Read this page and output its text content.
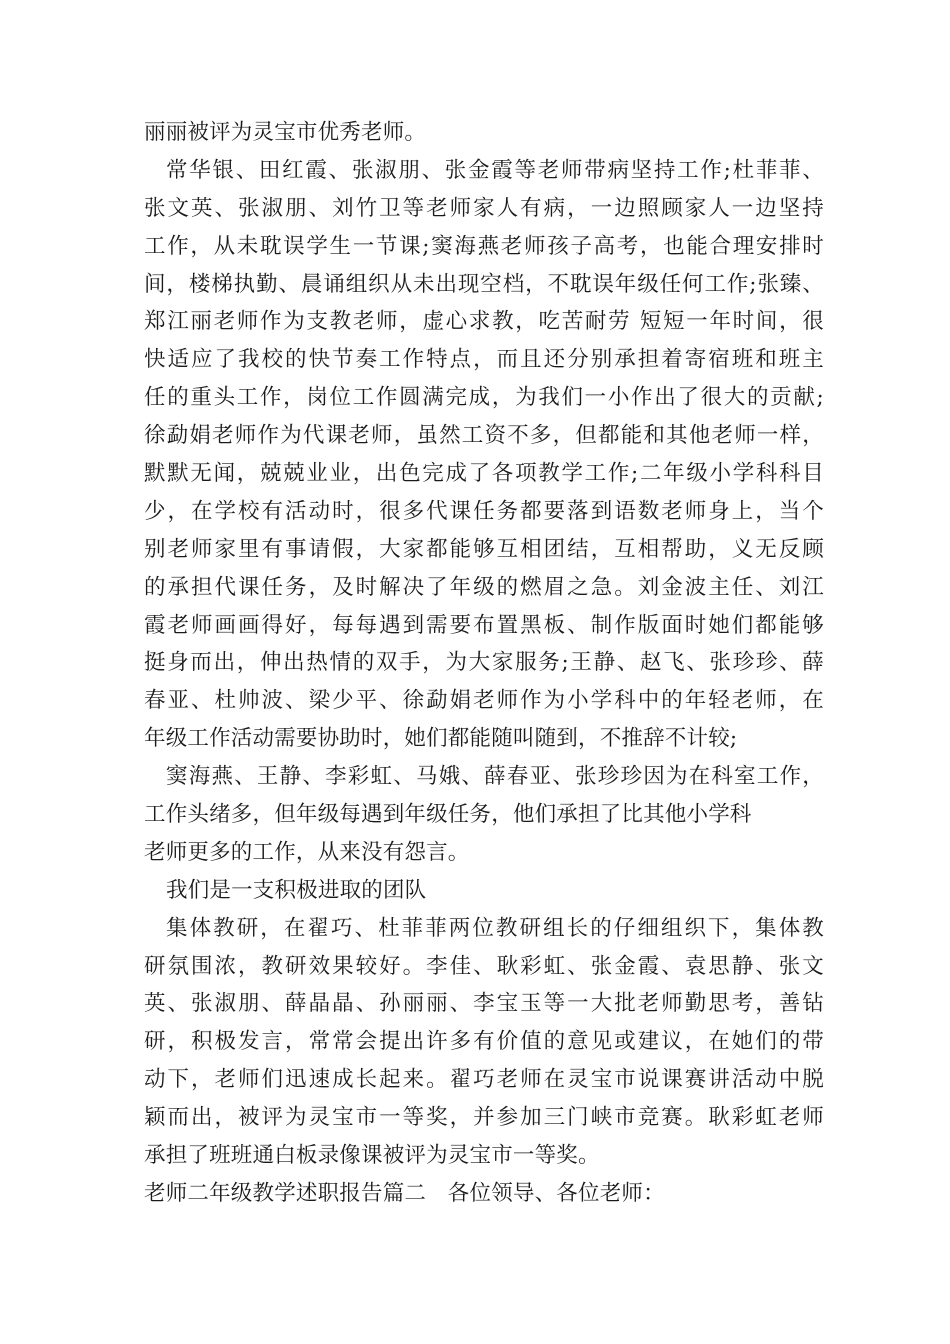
丽丽被评为灵宝市优秀老师。
常华银、田红霞、张淑朋、张金霞等老师带病坚持工作;杜菲菲、
张文英、张淑朋、刘竹卫等老师家人有病，一边照顾家人一边坚持
工作，从未耽误学生一节课;窦海燕老师孩子高考，也能合理安排时
间，楼梯执勤、晨诵组织从未出现空档，不耽误年级任何工作;张臻、
郑江丽老师作为支教老师，虚心求教，吃苦耐劳 短短一年时间，很
快适应了我校的快节奏工作特点，而且还分别承担着寄宿班和班主
任的重头工作，岗位工作圆满完成，为我们一小作出了很大的贡献;
徐勐娟老师作为代课老师，虽然工资不多，但都能和其他老师一样，
默默无闻，兢兢业业，出色完成了各项教学工作;二年级小学科科目
少，在学校有活动时，很多代课任务都要落到语数老师身上，当个
别老师家里有事请假，大家都能够互相团结，互相帮助，义无反顾
的承担代课任务，及时解决了年级的燃眉之急。刘金波主任、刘江
霞老师画画得好，每每遇到需要布置黑板、制作版面时她们都能够
挺身而出，伸出热情的双手，为大家服务;王静、赵飞、张珍珍、薛
春亚、杜帅波、梁少平、徐勐娟老师作为小学科中的年轻老师，在
年级工作活动需要协助时，她们都能随叫随到，不推辞不计较;
窦海燕、王静、李彩虹、马娥、薛春亚、张珍珍因为在科室工作，
工作头绪多，但年级每遇到年级任务，他们承担了比其他小学科
老师更多的工作，从来没有怨言。
我们是一支积极进取的团队
集体教研，在翟巧、杜菲菲两位教研组长的仔细组织下，集体教
研氛围浓，教研效果较好。李佳、耿彩虹、张金霞、袁思静、张文
英、张淑朋、薛晶晶、孙丽丽、李宝玉等一大批老师勤思考，善钻
研，积极发言，常常会提出许多有价值的意见或建议，在她们的带
动下，老师们迅速成长起来。翟巧老师在灵宝市说课赛讲活动中脱
颖而出，被评为灵宝市一等奖，并参加三门峡市竞赛。耿彩虹老师
承担了班班通白板录像课被评为灵宝市一等奖。
老师二年级教学述职报告篇二　各位领导、各位老师：
